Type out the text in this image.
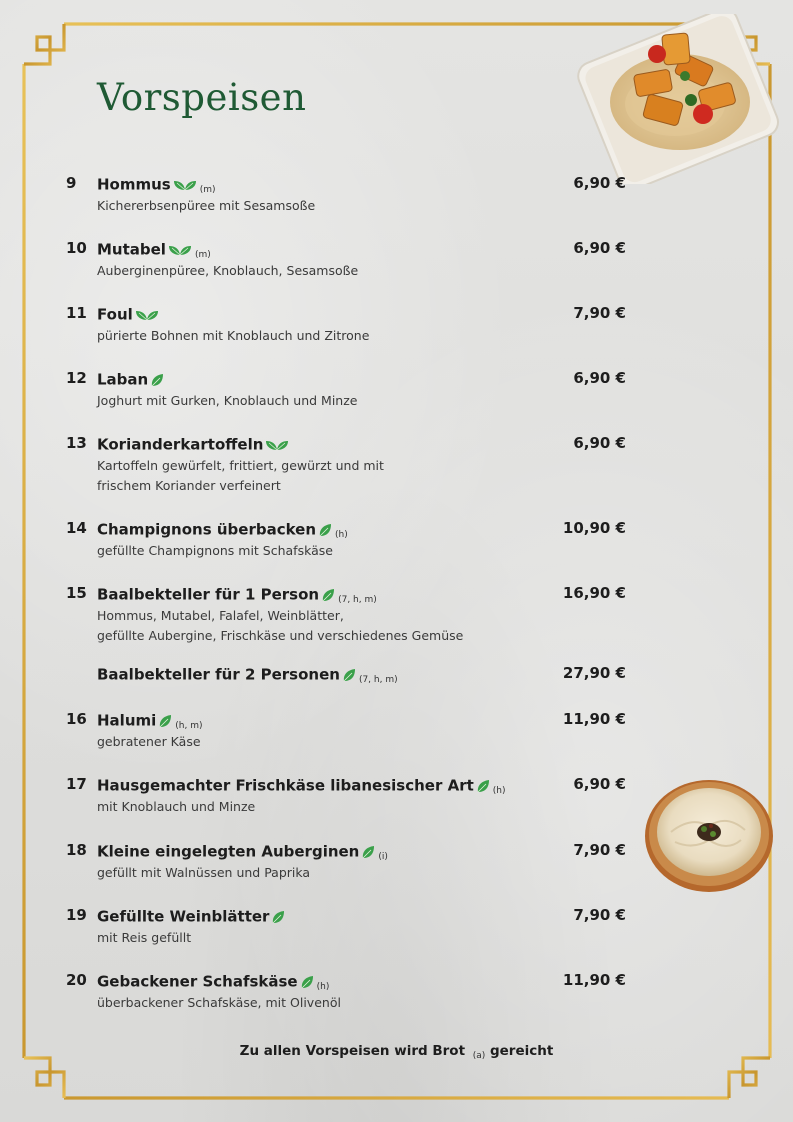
Vorspeisen
9 Hommus	(m)	6,90 €
Kichererbsenpüree mit Sesamsoße
10 Mutabel	(m)	6,90 €
Auberginenpüree, Knoblauch, Sesamsoße
11 Foul	7,90 €
pürierte Bohnen mit Knoblauch und Zitrone
12 Laban	6,90 €
Joghurt mit Gurken, Knoblauch und Minze
13 Korianderkartoffeln	6,90 €
Kartoffeln gewürfelt, frittiert, gewürzt und mit
frischem Koriander verfeinert
14 Champignons überbacken (h)	10,90 €
gefüllte Champignons mit Schafskäse
15 Baalbekteller für 1 Person (7, h, m)	16,90 €
Hommus, Mutabel, Falafel, Weinblätter,
gefüllte Aubergine, Frischkäse und verschiedenes Gemüse
Baalbekteller für 2 Personen (7, h, m)	27,90 €
16 Halumi (h, m)	11,90 €
gebratener Käse
17 Hausgemachter Frischkäse libanesischer Art (h)	6,90 €
mit Knoblauch und Minze
18 Kleine eingelegten Auberginen (i)	7,90 €
gefüllt mit Walnüssen und Paprika
19 Gefüllte Weinblätter	7,90 €
mit Reis gefüllt
20 Gebackener Schafskäse (h)	11,90 €
überbackener Schafskäse, mit Olivenöl
Zu allen Vorspeisen wird Brot $_{(a)}$ gereicht
